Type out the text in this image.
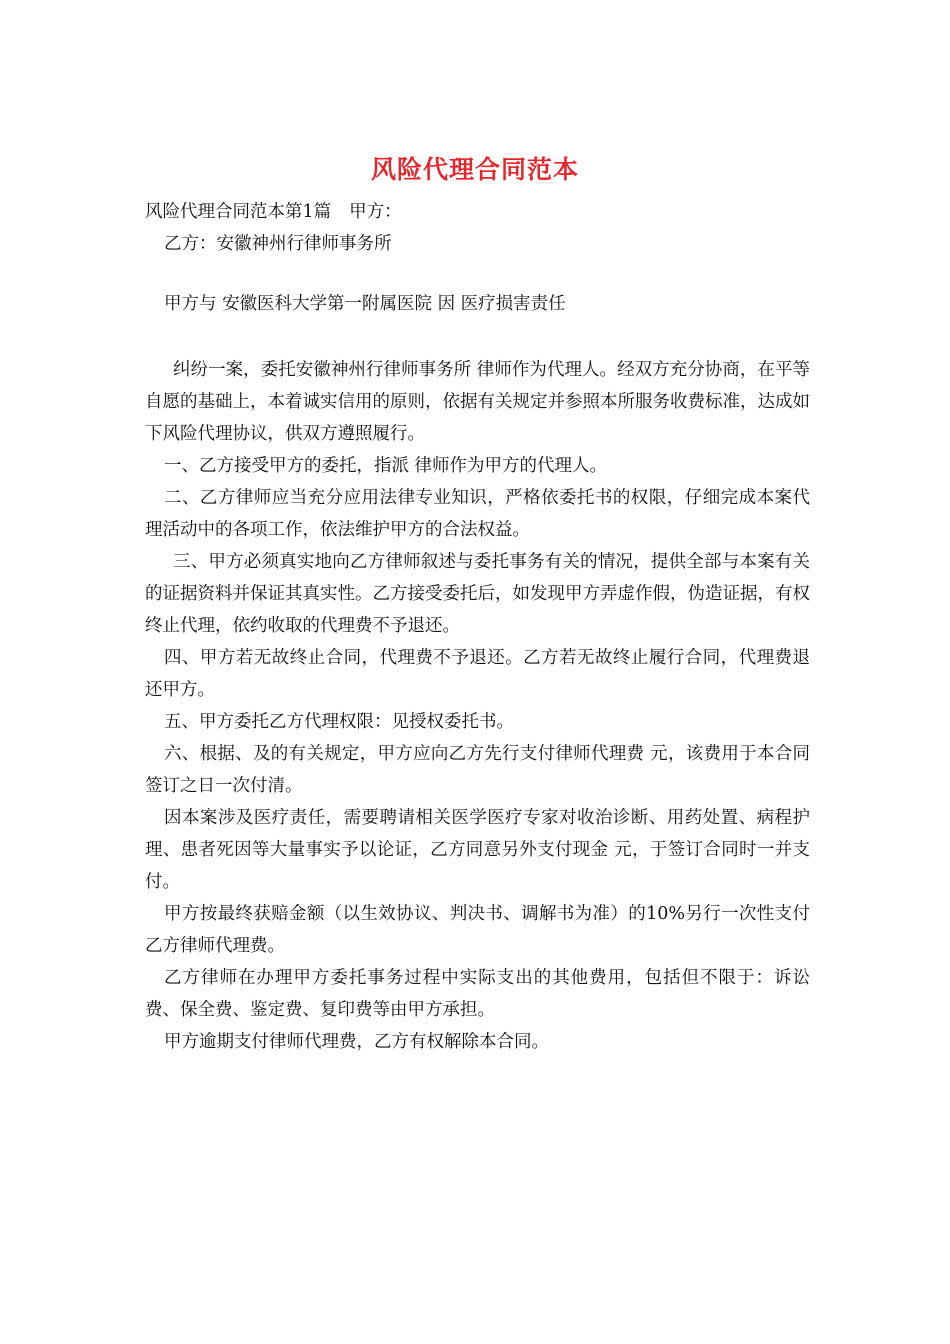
风险代理合同范本

风险代理合同范本第1篇 甲方：

乙方：安徽神州行律师事务所

甲方与 安徽医科大学第一附属医院 因 医疗损害责任

纠纷一案，委托安徽神州行律师事务所 律师作为代理人。经双方充分协商，在平等自愿的基础上，本着诚实信用的原则，依据有关规定并参照本所服务收费标准，达成如下风险代理协议，供双方遵照履行。

一、乙方接受甲方的委托，指派 律师作为甲方的代理人。

二、乙方律师应当充分应用法律专业知识，严格依委托书的权限，仔细完成本案代理活动中的各项工作，依法维护甲方的合法权益。

三、甲方必须真实地向乙方律师叙述与委托事务有关的情况，提供全部与本案有关的证据资料并保证其真实性。乙方接受委托后，如发现甲方弄虚作假，伪造证据，有权终止代理，依约收取的代理费不予退还。

四、甲方若无故终止合同，代理费不予退还。乙方若无故终止履行合同，代理费退还甲方。

五、甲方委托乙方代理权限：见授权委托书。

六、根据、及的有关规定，甲方应向乙方先行支付律师代理费 元，该费用于本合同签订之日一次付清。

因本案涉及医疗责任，需要聘请相关医学医疗专家对收治诊断、用药处置、病程护理、患者死因等大量事实予以论证，乙方同意另外支付现金 元，于签订合同时一并支付。

甲方按最终获赔金额（以生效协议、判决书、调解书为准）的10%另行一次性支付乙方律师代理费。

乙方律师在办理甲方委托事务过程中实际支出的其他费用，包括但不限于：诉讼费、保全费、鉴定费、复印费等由甲方承担。

甲方逾期支付律师代理费，乙方有权解除本合同。
